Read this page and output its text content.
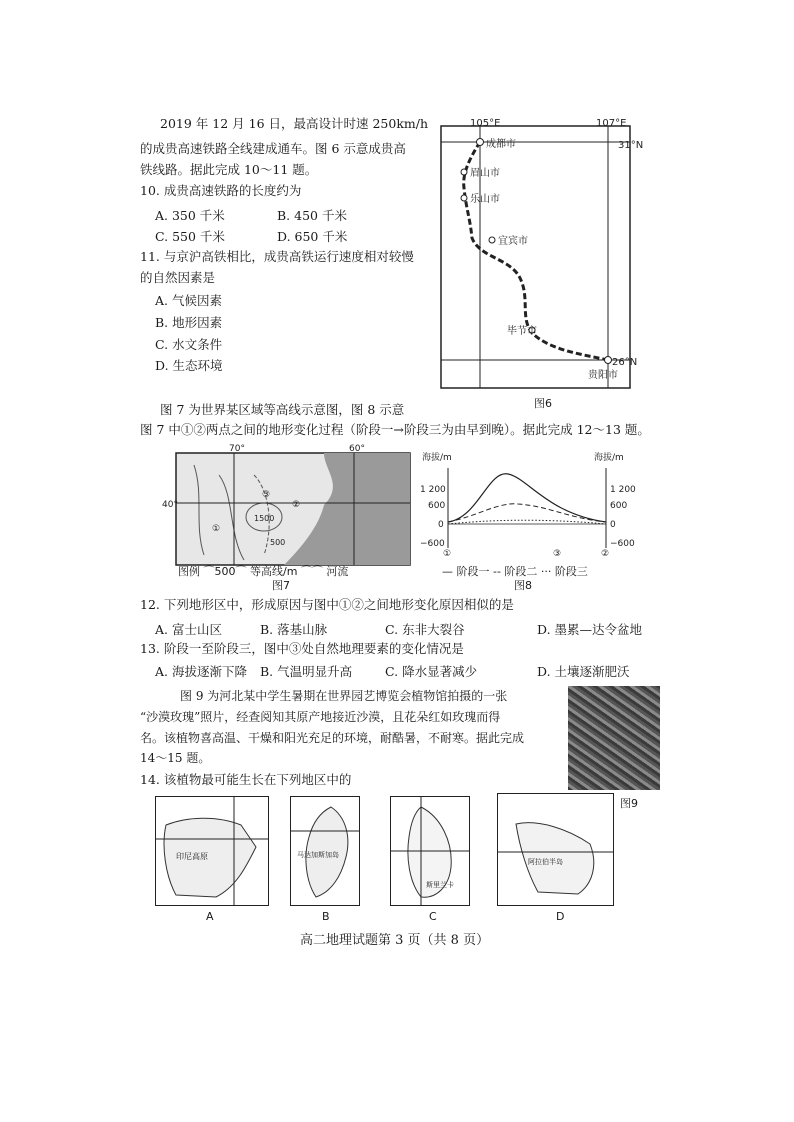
2019 年 12 月 16 日，最高设计时速 250km/h
的成贵高速铁路全线建成通车。图 6 示意成贵高
铁线路。据此完成 10～11 题。
10. 成贵高速铁路的长度约为
A. 350 千米	B. 450 千米
C. 550 千米	D. 650 千米
11. 与京沪高铁相比，成贵高铁运行速度相对较慢
的自然因素是
A. 气候因素
B. 地形因素
C. 水文条件
D. 生态环境
105°E	107°E
31°N
26°N
成都市
眉山市
乐山市
宜宾市
毕节市
贵阳市
图6
图 7 为世界某区域等高线示意图，图 8 示意
图 7 中①②两点之间的地形变化过程（阶段一→阶段三为由早到晚）。据此完成 12～13 题。
70°	60°
40°
1500
500
①
②
③
图例 ⌒500⌒ 等高线/m ⌒⌒ 河流
图7
海拔/m	海拔/m
1 200
600
0
−600
1 200
600
0
−600
①	③	②
— 阶段一 ‐‐ 阶段二 ··· 阶段三
图8
12. 下列地形区中，形成原因与图中①②之间地形变化原因相似的是
A. 富士山区	B. 落基山脉	C. 东非大裂谷	D. 墨累—达令盆地
13. 阶段一至阶段三，图中③处自然地理要素的变化情况是
A. 海拔逐渐下降 B. 气温明显升高	C. 降水显著减少	D. 土壤逐渐肥沃
图 9 为河北某中学生暑期在世界园艺博览会植物馆拍摄的一张
“沙漠玫瑰”照片，经查阅知其原产地接近沙漠，且花朵红如玫瑰而得
名。该植物喜高温、干燥和阳光充足的环境，耐酷暑，不耐寒。据此完成
14～15 题。
图9
14. 该植物最可能生长在下列地区中的
印尼高原
A
马达加斯加岛
B
斯里兰卡
C
阿拉伯半岛
D
高二地理试题第 3 页（共 8 页）
